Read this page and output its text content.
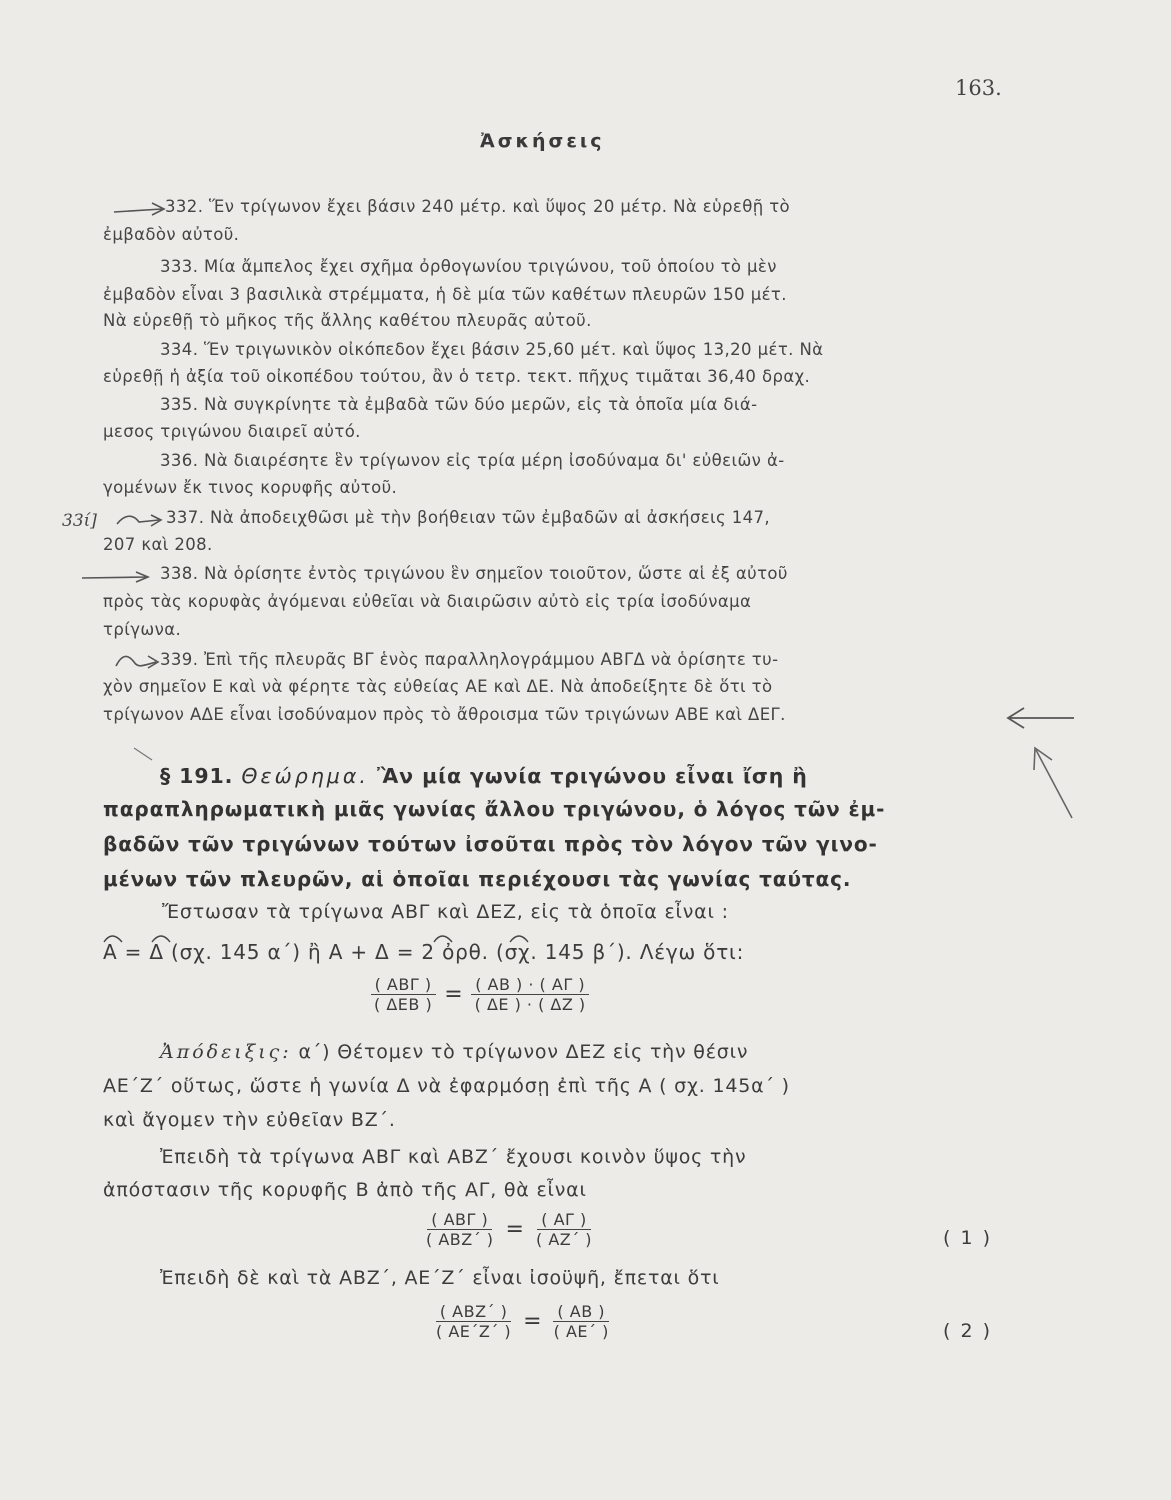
163.
Ἀσκήσεις
332. Ἕν τρίγωνον ἔχει βάσιν 240 μέτρ. καὶ ὕψος 20 μέτρ. Νὰ εὑρεθῇ τὸ
ἐμβαδὸν αὐτοῦ.
333. Μία ἄμπελος ἔχει σχῆμα ὀρθογωνίου τριγώνου, τοῦ ὁποίου τὸ μὲν
ἐμβαδὸν εἶναι 3 βασιλικὰ στρέμματα, ἡ δὲ μία τῶν καθέτων πλευρῶν 150 μέτ.
Νὰ εὑρεθῇ τὸ μῆκος τῆς ἄλλης καθέτου πλευρᾶς αὐτοῦ.
334. Ἕν τριγωνικὸν οἰκόπεδον ἔχει βάσιν 25,60 μέτ. καὶ ὕψος 13,20 μέτ. Νὰ
εὑρεθῇ ἡ ἀξία τοῦ οἰκοπέδου τούτου, ἂν ὁ τετρ. τεκτ. πῆχυς τιμᾶται 36,40 δραχ.
335. Νὰ συγκρίνητε τὰ ἐμβαδὰ τῶν δύο μερῶν, εἰς τὰ ὁποῖα μία διά-
μεσος τριγώνου διαιρεῖ αὐτό.
336. Νὰ διαιρέσητε ἓν τρίγωνον εἰς τρία μέρη ἰσοδύναμα δι' εὐθειῶν ἀ-
γομένων ἔκ τινος κορυφῆς αὐτοῦ.
33ί]	337. Νὰ ἀποδειχθῶσι μὲ τὴν βοήθειαν τῶν ἐμβαδῶν αἱ ἀσκήσεις 147,
207 καὶ 208.
338. Νὰ ὁρίσητε ἐντὸς τριγώνου ἓν σημεῖον τοιοῦτον, ὥστε αἱ ἐξ αὐτοῦ
πρὸς τὰς κορυφὰς ἀγόμεναι εὐθεῖαι νὰ διαιρῶσιν αὐτὸ εἰς τρία ἰσοδύναμα
τρίγωνα.
339. Ἐπὶ τῆς πλευρᾶς ΒΓ ἑνὸς παραλληλογράμμου ΑΒΓΔ νὰ ὁρίσητε τυ-
χὸν σημεῖον Ε καὶ νὰ φέρητε τὰς εὐθείας ΑΕ καὶ ΔΕ. Νὰ ἀποδείξητε δὲ ὅτι τὸ
τρίγωνον ΑΔΕ εἶναι ἰσοδύναμον πρὸς τὸ ἄθροισμα τῶν τριγώνων ΑΒΕ καὶ ΔΕΓ.
§ 191. Θεώρημα. Ἂν μία γωνία τριγώνου εἶναι ἴση ἢ
παραπληρωματικὴ μιᾶς γωνίας ἄλλου τριγώνου, ὁ λόγος τῶν ἐμ-
βαδῶν τῶν τριγώνων τούτων ἰσοῦται πρὸς τὸν λόγον τῶν γινο-
μένων τῶν πλευρῶν, αἱ ὁποῖαι περιέχουσι τὰς γωνίας ταύτας.
Ἔστωσαν τὰ τρίγωνα ΑΒΓ καὶ ΔΕΖ, εἰς τὰ ὁποῖα εἶναι :
Α = Δ (σχ. 145 α΄) ἢ Α + Δ = 2 ὀρθ. (σχ. 145 β΄). Λέγω ὅτι:
$\frac{\text{( ΑΒΓ )}}{\text{( ΔΕΒ )}} = \frac{( AB ) \cdot ( A\Gamma )}{( \Delta E ) \cdot ( \Delta Z )}$
Ἀπόδειξις: α΄) Θέτομεν τὸ τρίγωνον ΔΕΖ εἰς τὴν θέσιν
ΑΕ΄Ζ΄ οὕτως, ὥστε ἡ γωνία Δ νὰ ἐφαρμόσῃ ἐπὶ τῆς Α ( σχ. 145α΄ )
καὶ ἄγομεν τὴν εὐθεῖαν ΒΖ΄.
Ἐπειδὴ τὰ τρίγωνα ΑΒΓ καὶ ΑΒΖ΄ ἔχουσι κοινὸν ὕψος τὴν
ἀπόστασιν τῆς κορυφῆς Β ἀπὸ τῆς ΑΓ, θὰ εἶναι
$\frac{\text{( ΑΒΓ )}}{\text{( ΑΒΖ΄ )}} = \frac{( A\Gamma )}{( AZ΄ )}$	( 1 )
Ἐπειδὴ δὲ καὶ τὰ ΑΒΖ΄, ΑΕ΄Ζ΄ εἶναι ἰσοϋψῆ, ἔπεται ὅτι
$\frac{\text{( ΑΒΖ΄ )}}{( AE΄Z΄ )} = \frac{( AB )}{( AE΄ )}$	( 2 )
